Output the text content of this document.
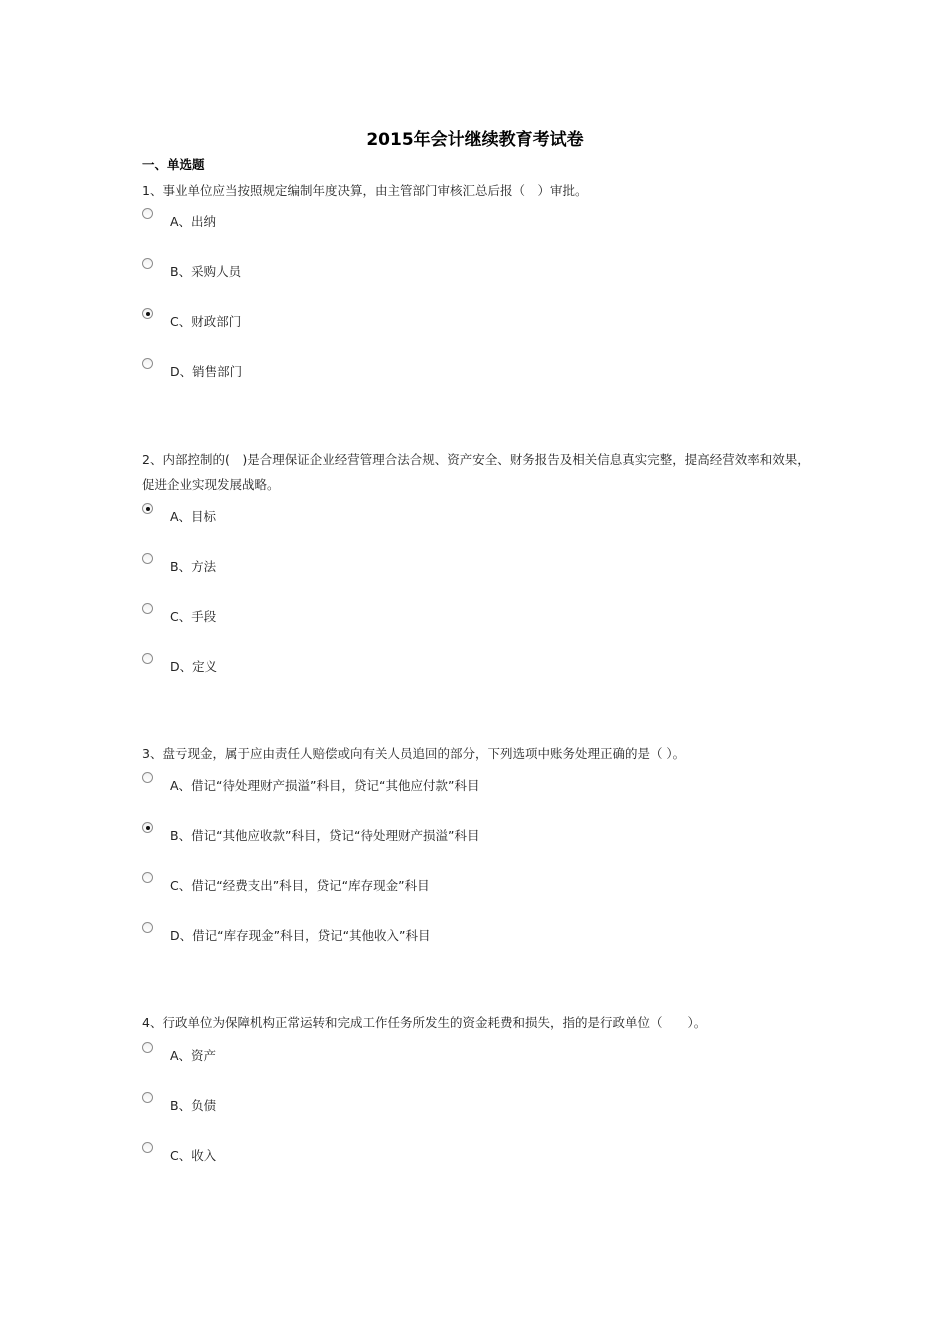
2015年会计继续教育考试卷
一、单选题
1、事业单位应当按照规定编制年度决算，由主管部门审核汇总后报（　）审批。
A、出纳
B、采购人员
C、财政部门
D、销售部门
2、内部控制的(　)是合理保证企业经营管理合法合规、资产安全、财务报告及相关信息真实完整，提高经营效率和效果，促进企业实现发展战略。
A、目标
B、方法
C、手段
D、定义
3、盘亏现金，属于应由责任人赔偿或向有关人员追回的部分，下列选项中账务处理正确的是（ ）。
A、借记“待处理财产损溢”科目，贷记“其他应付款”科目
B、借记“其他应收款”科目，贷记“待处理财产损溢”科目
C、借记“经费支出”科目，贷记“库存现金”科目
D、借记“库存现金”科目，贷记“其他收入”科目
4、行政单位为保障机构正常运转和完成工作任务所发生的资金耗费和损失，指的是行政单位（　　）。
A、资产
B、负债
C、收入
